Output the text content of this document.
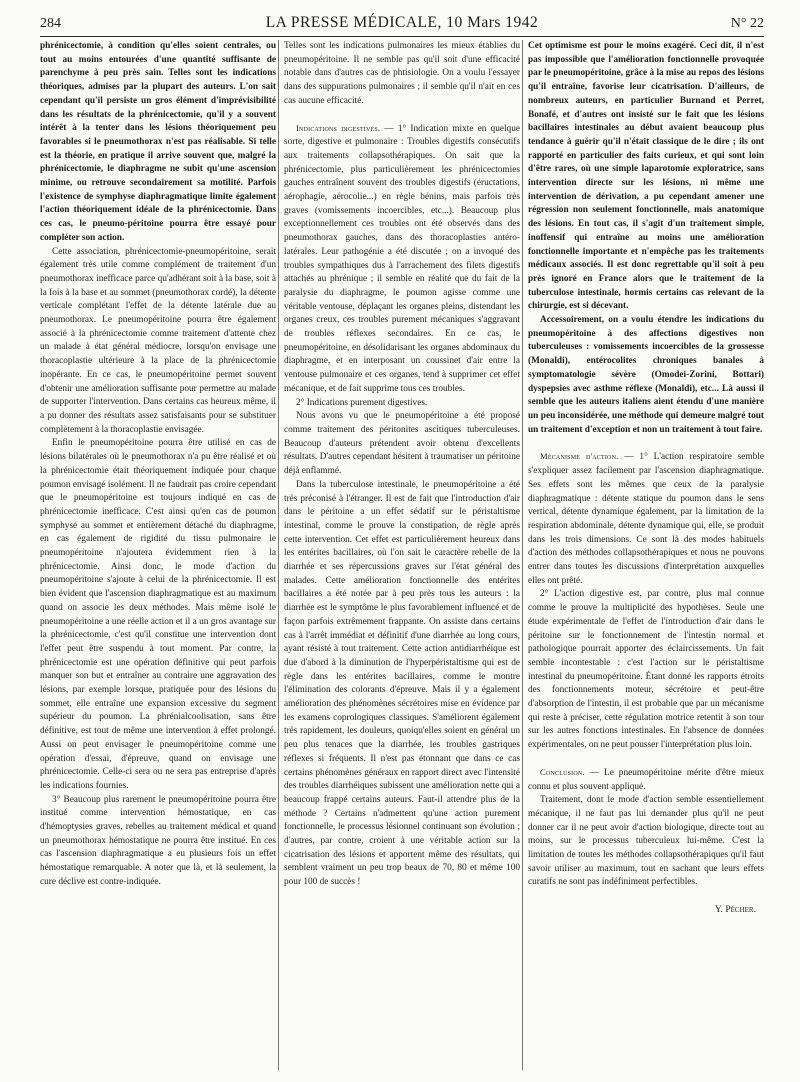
284	LA PRESSE MÉDICALE, 10 Mars 1942	N° 22

phrénicectomie, à condition qu'elles soient centrales, ou tout au moins entourées d'une quantité suffisante de parenchyme à peu près sain. Telles sont les indications théoriques, admises par la plupart des auteurs. L'on sait cependant qu'il persiste un gros élément d'imprévisibilité dans les résultats de la phrénicectomie, qu'il y a souvent intérêt à la tenter dans les lésions théoriquement peu favorables si le pneumothorax n'est pas réalisable. Si telle est la théorie, en pratique il arrive souvent que, malgré la phrénicectomie, le diaphragme ne subit qu'une ascension minime, ou retrouve secondairement sa motilité. Parfois l'existence de symphyse diaphragmatique limite également l'action théoriquement idéale de la phrénicectomie. Dans ces cas, le pneumo-péritoine pourra être essayé pour compléter son action.

Cette association, phrénicectomie-pneumopéritoine, serait également très utile comme complément de traitement d'un pneumothorax inefficace parce qu'adhérant soit à la base, soit à la fois à la base et au sommet (pneumothorax cordé), la détente verticale complétant l'effet de la détente latérale due au pneumothorax. Le pneumopéritoine pourra être également associé à la phrénicectomie comme traitement d'attente chez un malade à état général médiocre, lorsqu'on envisage une thoracoplastie ultérieure à la place de la phrénicectomie inopérante. En ce cas, le pneumopéritoine permet souvent d'obtenir une amélioration suffisante pour permettre au malade de supporter l'intervention. Dans certains cas heureux même, il a pu donner des résultats assez satisfaisants pour se substituer complètement à la thoracoplastie envisagée.

Enfin le pneumopéritoine pourra être utilisé en cas de lésions bilatérales où le pneumothorax n'a pu être réalisé et où la phrénicectomie était théoriquement indiquée pour chaque poumon envisagé isolément. Il ne faudrait pas croire cependant que le pneumopéritoine est toujours indiqué en cas de phrénicectomie inefficace. C'est ainsi qu'en cas de poumon symphysé au sommet et entièrement détaché du diaphragme, en cas également de rigidité du tissu pulmonaire le pneumopéritoine n'ajoutera évidemment rien à la phrénicectomie. Ainsi donc, le mode d'action du pneumopéritoine s'ajoute à celui de la phrénicectomie. Il est bien évident que l'ascension diaphragmatique est au maximum quand on associe les deux méthodes. Mais même isolé le pneumopéritoine a une réelle action et il a un gros avantage sur la phrénicectomie, c'est qu'il constitue une intervention dont l'effet peut être suspendu à tout moment. Par contre, la phrénicectomie est une opération définitive qui peut parfois manquer son but et entraîner au contraire une aggravation des lésions, par exemple lorsque, pratiquée pour des lésions du sommet, elle entraîne une expansion excessive du segment supérieur du poumon. La phrénialcoolisation, sans être définitive, est tout de même une intervention à effet prolongé. Aussi on peut envisager le pneumopéritoine comme une opération d'essai, d'épreuve, quand on envisage une phrénicectomie. Celle-ci sera ou ne sera pas entreprise d'après les indications fournies.

3° Beaucoup plus rarement le pneumopéritoine pourra être institué comme intervention hémostatique, en cas d'hémoptysies graves, rebelles au traitement médical et quand un pneumothorax hémostatique ne pourra être institué. En ces cas l'ascension diaphragmatique a eu plusieurs fois un effet hémostatique remarquable. A noter que là, et là seulement, la cure déclive est contre-indiquée.

Telles sont les indications pulmonaires les mieux établies du pneumopéritoine. Il ne semble pas qu'il soit d'une efficacité notable dans d'autres cas de phtisiologie. On a voulu l'essayer dans des suppurations pulmonaires ; il semble qu'il n'ait en ces cas aucune efficacité.

Indications digestives. — 1° Indication mixte en quelque sorte, digestive et pulmonaire : Troubles digestifs consécutifs aux traitements collapsothérapiques. On sait que la phrénicectomie, plus particulièrement les phrénicectomies gauches entraînent souvent des troubles digestifs (éructations, aérophagie, aérocolie...) en règle bénins, mais parfois très graves (vomissements incoercibles, etc...). Beaucoup plus exceptionnellement ces troubles ont été observés dans des pneumothorax gauches, dans des thoracoplasties antéro-latérales. Leur pathogénie a été discutée ; on a invoqué des troubles sympathiques dus à l'arrachement des filets digestifs attachés au phrénique ; il semble en réalité que du fait de la paralysie du diaphragme, le poumon agisse comme une véritable ventouse, déplaçant les organes pleins, distendant les organes creux, ces troubles purement mécaniques s'aggravant de troubles réflexes secondaires. En ce cas, le pneumopéritoine, en désolidarisant les organes abdominaux du diaphragme, et en interposant un coussinet d'air entre la ventouse pulmonaire et ces organes, tend à supprimer cet effet mécanique, et de fait supprime tous ces troubles.

2° Indications purement digestives.

Nous avons vu que le pneumopéritoine a été proposé comme traitement des péritonites ascitiques tuberculeuses. Beaucoup d'auteurs prétendent avoir obtenu d'excellents résultats. D'autres cependant hésitent à traumatiser un péritoine déjà enflammé.

Dans la tuberculose intestinale, le pneumopéritoine a été très préconisé à l'étranger. Il est de fait que l'introduction d'air dans le péritoine a un effet sédatif sur le péristaltisme intestinal, comme le prouve la constipation, de règle après cette intervention. Cet effet est particulièrement heureux dans les entérites bacillaires, où l'on sait le caractère rebelle de la diarrhée et ses répercussions graves sur l'état général des malades. Cette amélioration fonctionnelle des entérites bacillaires a été notée par à peu près tous les auteurs : la diarrhée est le symptôme le plus favorablement influencé et de façon parfois extrêmement frappante. On assiste dans certains cas à l'arrêt immédiat et définitif d'une diarrhée au long cours, ayant résisté à tout traitement. Cette action antidiarrhéique est due d'abord à la diminution de l'hyperpéristaltisme qui est de règle dans les entérites bacillaires, comme le montre l'élimination des colorants d'épreuve. Mais il y a également amélioration des phénomènes sécrétoires mise en évidence par les examens coprologiques classiques. S'améliorent également très rapidement, les douleurs, quoiqu'elles soient en général un peu plus tenaces que la diarrhée, les troubles gastriques réflexes si fréquents. Il n'est pas étonnant que dans ce cas certains phénomènes généraux en rapport direct avec l'intensité des troubles diarrhéiques subissent une amélioration nette qui a beaucoup frappé certains auteurs. Faut-il attendre plus de la méthode ? Certains n'admettent qu'une action purement fonctionnelle, le processus lésionnel continuant son évolution ; d'autres, par contre, croient à une véritable action sur la cicatrisation des lésions et apportent même des résultats, qui semblent vraiment un peu trop beaux de 70, 80 et même 100 pour 100 de succès !

Cet optimisme est pour le moins exagéré. Ceci dit, il n'est pas impossible que l'amélioration fonctionnelle provoquée par le pneumopéritoine, grâce à la mise au repos des lésions qu'il entraîne, favorise leur cicatrisation. D'ailleurs, de nombreux auteurs, en particulier Burnand et Perret, Bonafé, et d'autres ont insisté sur le fait que les lésions bacillaires intestinales au début avaient beaucoup plus tendance à guérir qu'il n'était classique de le dire ; ils ont rapporté en particulier des faits curieux, et qui sont loin d'être rares, où une simple laparotomie exploratrice, sans intervention directe sur les lésions, ni même une intervention de dérivation, a pu cependant amener une régression non seulement fonctionnelle, mais anatomique des lésions. En tout cas, il s'agit d'un traitement simple, inoffensif qui entraîne au moins une amélioration fonctionnelle importante et n'empêche pas les traitements médicaux associés. Il est donc regrettable qu'il soit à peu près ignoré en France alors que le traitement de la tuberculose intestinale, hormis certains cas relevant de la chirurgie, est si décevant.

Accessoirement, on a voulu étendre les indications du pneumopéritoine à des affections digestives non tuberculeuses : vomissements incoercibles de la grossesse (Monaldi), entérocolites chroniques banales à symptomatologie sévère (Omodei-Zorini, Bottari) dyspepsies avec asthme réflexe (Monaldi), etc... Là aussi il semble que les auteurs italiens aient étendu d'une manière un peu inconsidérée, une méthode qui demeure malgré tout un traitement d'exception et non un traitement à tout faire.

Mécanisme d'action. — 1° L'action respiratoire semble s'expliquer assez facilement par l'ascension diaphragmatique. Ses effets sont les mêmes que ceux de la paralysie diaphragmatique : détente statique du poumon dans le sens vertical, détente dynamique également, par la limitation de la respiration abdominale, détente dynamique qui, elle, se produit dans les trois dimensions. Ce sont là des modes habituels d'action des méthodes collapsothérapiques et nous ne pouvons entrer dans toutes les discussions d'interprétation auxquelles elles ont prêté.

2° L'action digestive est, par contre, plus mal connue comme le prouve la multiplicité des hypothèses. Seule une étude expérimentale de l'effet de l'introduction d'air dans le péritoine sur le fonctionnement de l'intestin normal et pathologique pourrait apporter des éclaircissements. Un fait semble incontestable : c'est l'action sur le péristaltisme intestinal du pneumopéritoine. Étant donné les rapports étroits des fonctionnements moteur, sécrétoire et peut-être d'absorption de l'intestin, il est probable que par un mécanisme qui reste à préciser, cette régulation motrice retentit à son tour sur les autres fonctions intestinales. En l'absence de données expérimentales, on ne peut pousser l'interprétation plus loin.

Conclusion. — Le pneumopéritoine mérite d'être mieux connu et plus souvent appliqué.

Traitement, dont le mode d'action semble essentiellement mécanique, il ne faut pas lui demander plus qu'il ne peut donner car il ne peut avoir d'action biologique, directe tout au moins, sur le processus tuberculeux lui-même. C'est la limitation de toutes les méthodes collapsothérapiques qu'il faut savoir utiliser au maximum, tout en sachant que leurs effets curatifs ne sont pas indéfiniment perfectibles.

Y. Pécher.
